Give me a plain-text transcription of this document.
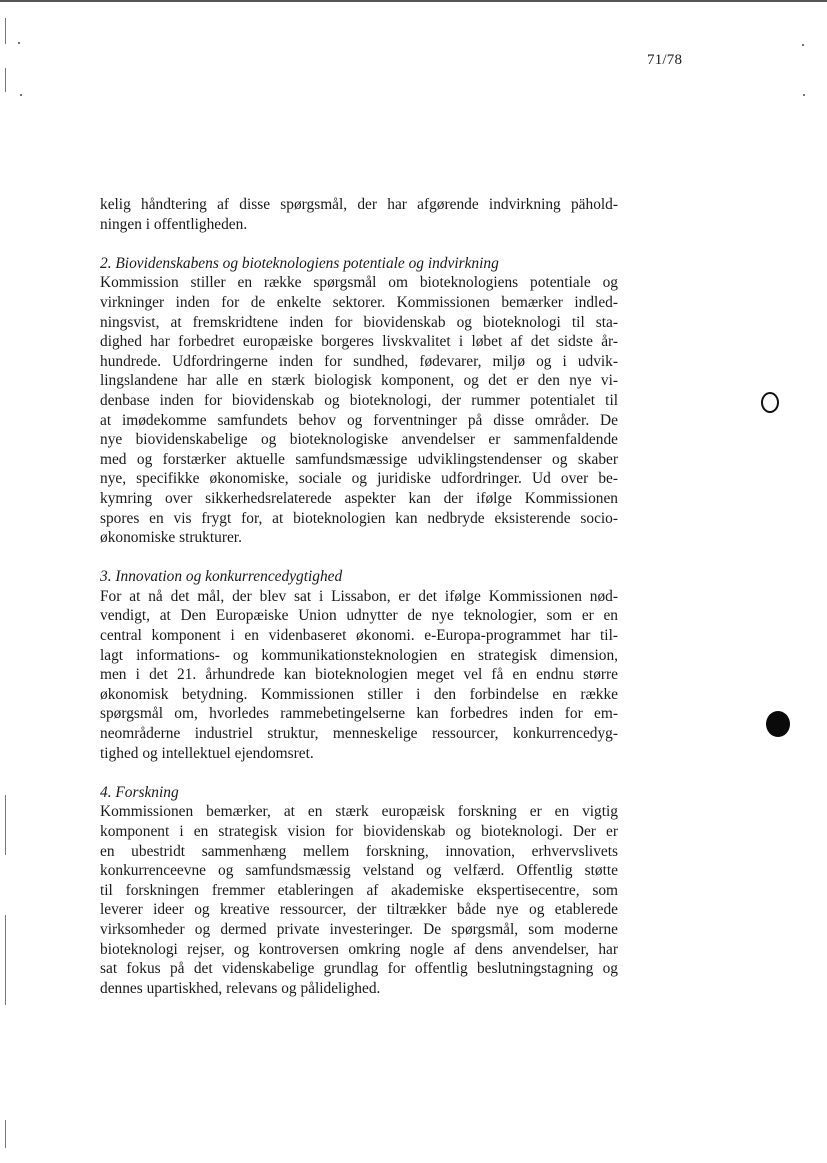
71/78
kelig håndtering af disse spørgsmål, der har afgørende indvirkning pähold-
ningen i offentligheden.
2. Biovidenskabens og bioteknologiens potentiale og indvirkning
Kommission stiller en række spørgsmål om bioteknologiens potentiale og
virkninger inden for de enkelte sektorer. Kommissionen bemærker indled-
ningsvist, at fremskridtene inden for biovidenskab og bioteknologi til sta-
dighed har forbedret europæiske borgeres livskvalitet i løbet af det sidste år-
hundrede. Udfordringerne inden for sundhed, fødevarer, miljø og i udvik-
lingslandene har alle en stærk biologisk komponent, og det er den nye vi-
denbase inden for biovidenskab og bioteknologi, der rummer potentialet til
at imødekomme samfundets behov og forventninger på disse områder. De
nye biovidenskabelige og bioteknologiske anvendelser er sammenfaldende
med og forstærker aktuelle samfundsmæssige udviklingstendenser og skaber
nye, specifikke økonomiske, sociale og juridiske udfordringer. Ud over be-
kymring over sikkerhedsrelaterede aspekter kan der ifølge Kommissionen
spores en vis frygt for, at bioteknologien kan nedbryde eksisterende socio-
økonomiske strukturer.
3. Innovation og konkurrencedygtighed
For at nå det mål, der blev sat i Lissabon, er det ifølge Kommissionen nød-
vendigt, at Den Europæiske Union udnytter de nye teknologier, som er en
central komponent i en videnbaseret økonomi. e-Europa-programmet har til-
lagt informations- og kommunikationsteknologien en strategisk dimension,
men i det 21. århundrede kan bioteknologien meget vel få en endnu større
økonomisk betydning. Kommissionen stiller i den forbindelse en række
spørgsmål om, hvorledes rammebetingelserne kan forbedres inden for em-
neområderne industriel struktur, menneskelige ressourcer, konkurrencedyg-
tighed og intellektuel ejendomsret.
4. Forskning
Kommissionen bemærker, at en stærk europæisk forskning er en vigtig
komponent i en strategisk vision for biovidenskab og bioteknologi. Der er
en ubestridt sammenhæng mellem forskning, innovation, erhvervslivets
konkurrenceevne og samfundsmæssig velstand og velfærd. Offentlig støtte
til forskningen fremmer etableringen af akademiske ekspertisecentre, som
leverer ideer og kreative ressourcer, der tiltrækker både nye og etablerede
virksomheder og dermed private investeringer. De spørgsmål, som moderne
bioteknologi rejser, og kontroversen omkring nogle af dens anvendelser, har
sat fokus på det videnskabelige grundlag for offentlig beslutningstagning og
dennes upartiskhed, relevans og pålidelighed.
